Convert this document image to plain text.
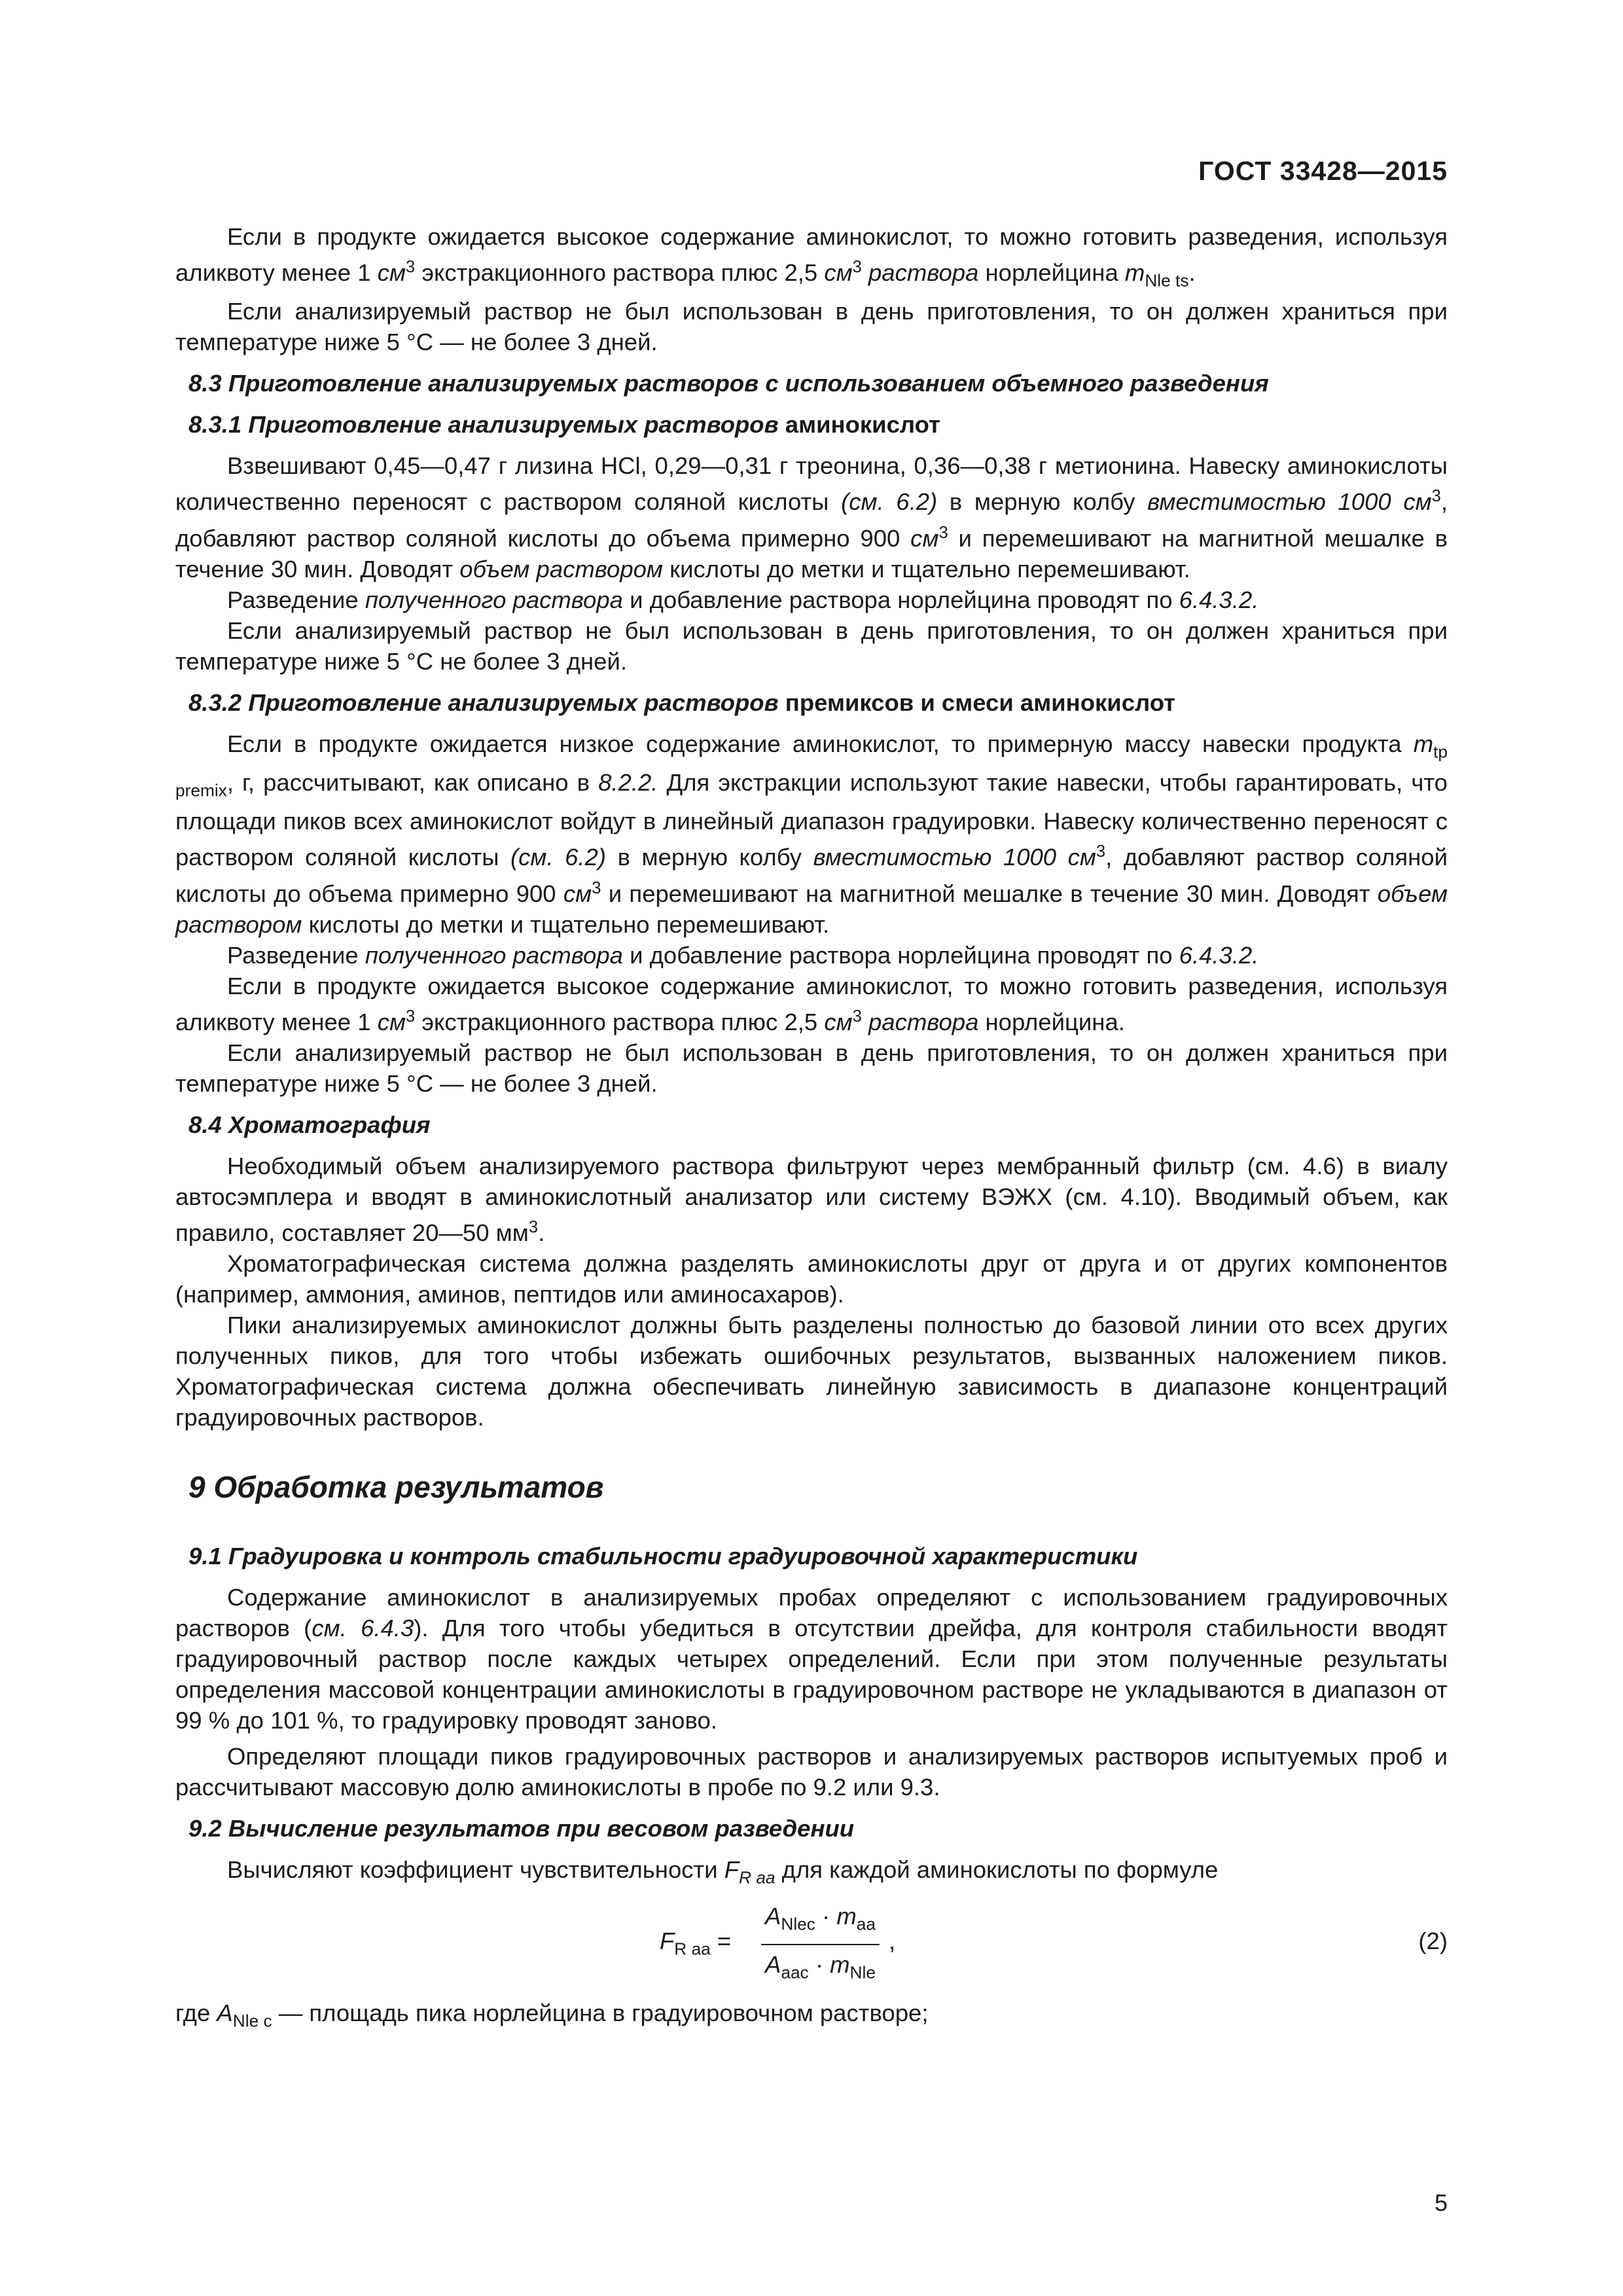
ГОСТ 33428—2015

Если в продукте ожидается высокое содержание аминокислот, то можно готовить разведения, используя аликвоту менее 1 $см^3$ экстракционного раствора плюс 2,5 $см^3$ раствора норлейцина $m_{Nle ts}$.

Если анализируемый раствор не был использован в день приготовления, то он должен храниться при температуре ниже 5 °С — не более 3 дней.

8.3 Приготовление анализируемых растворов с использованием объемного разведения

8.3.1 Приготовление анализируемых растворов аминокислот

Взвешивают 0,45—0,47 г лизина HCl, 0,29—0,31 г треонина, 0,36—0,38 г метионина. Навеску аминокислоты количественно переносят с раствором соляной кислоты (см. 6.2) в мерную колбу вместимостью 1000 $см^3$, добавляют раствор соляной кислоты до объема примерно 900 $см^3$ и перемешивают на магнитной мешалке в течение 30 мин. Доводят объем раствором кислоты до метки и тщательно перемешивают.

Разведение полученного раствора и добавление раствора норлейцина проводят по 6.4.3.2.

Если анализируемый раствор не был использован в день приготовления, то он должен храниться при температуре ниже 5 °С не более 3 дней.

8.3.2 Приготовление анализируемых растворов премиксов и смеси аминокислот

Если в продукте ожидается низкое содержание аминокислот, то примерную массу навески продукта $m_{tp premix}$, г, рассчитывают, как описано в 8.2.2. Для экстракции используют такие навески, чтобы гарантировать, что площади пиков всех аминокислот войдут в линейный диапазон градуировки. Навеску количественно переносят с раствором соляной кислоты (см. 6.2) в мерную колбу вместимостью 1000 $см^3$, добавляют раствор соляной кислоты до объема примерно 900 $см^3$ и перемешивают на магнитной мешалке в течение 30 мин. Доводят объем раствором кислоты до метки и тщательно перемешивают.

Разведение полученного раствора и добавление раствора норлейцина проводят по 6.4.3.2.

Если в продукте ожидается высокое содержание аминокислот, то можно готовить разведения, используя аликвоту менее 1 $см^3$ экстракционного раствора плюс 2,5 $см^3$ раствора норлейцина.

Если анализируемый раствор не был использован в день приготовления, то он должен храниться при температуре ниже 5 °С — не более 3 дней.

8.4 Хроматография

Необходимый объем анализируемого раствора фильтруют через мембранный фильтр (см. 4.6) в виалу автосэмплера и вводят в аминокислотный анализатор или систему ВЭЖХ (см. 4.10). Вводимый объем, как правило, составляет 20—50 $мм^3$.

Хроматографическая система должна разделять аминокислоты друг от друга и от других компонентов (например, аммония, аминов, пептидов или аминосахаров).

Пики анализируемых аминокислот должны быть разделены полностью до базовой линии ото всех других полученных пиков, для того чтобы избежать ошибочных результатов, вызванных наложением пиков. Хроматографическая система должна обеспечивать линейную зависимость в диапазоне концентраций градуировочных растворов.

9 Обработка результатов

9.1 Градуировка и контроль стабильности градуировочной характеристики

Содержание аминокислот в анализируемых пробах определяют с использованием градуировочных растворов (см. 6.4.3). Для того чтобы убедиться в отсутствии дрейфа, для контроля стабильности вводят градуировочный раствор после каждых четырех определений. Если при этом полученные результаты определения массовой концентрации аминокислоты в градуировочном растворе не укладываются в диапазон от 99 % до 101 %, то градуировку проводят заново.

Определяют площади пиков градуировочных растворов и анализируемых растворов испытуемых проб и рассчитывают массовую долю аминокислоты в пробе по 9.2 или 9.3.

9.2 Вычисление результатов при весовом разведении

Вычисляют коэффициент чувствительности $F_{R aa}$ для каждой аминокислоты по формуле

$F_{R aa}$ =
$A_{Nlec} \cdot m_{aa}$
$A_{aac} \cdot m_{Nle}$
,	(2)

где $A_{Nle c}$ — площадь пика норлейцина в градуировочном растворе;

5
